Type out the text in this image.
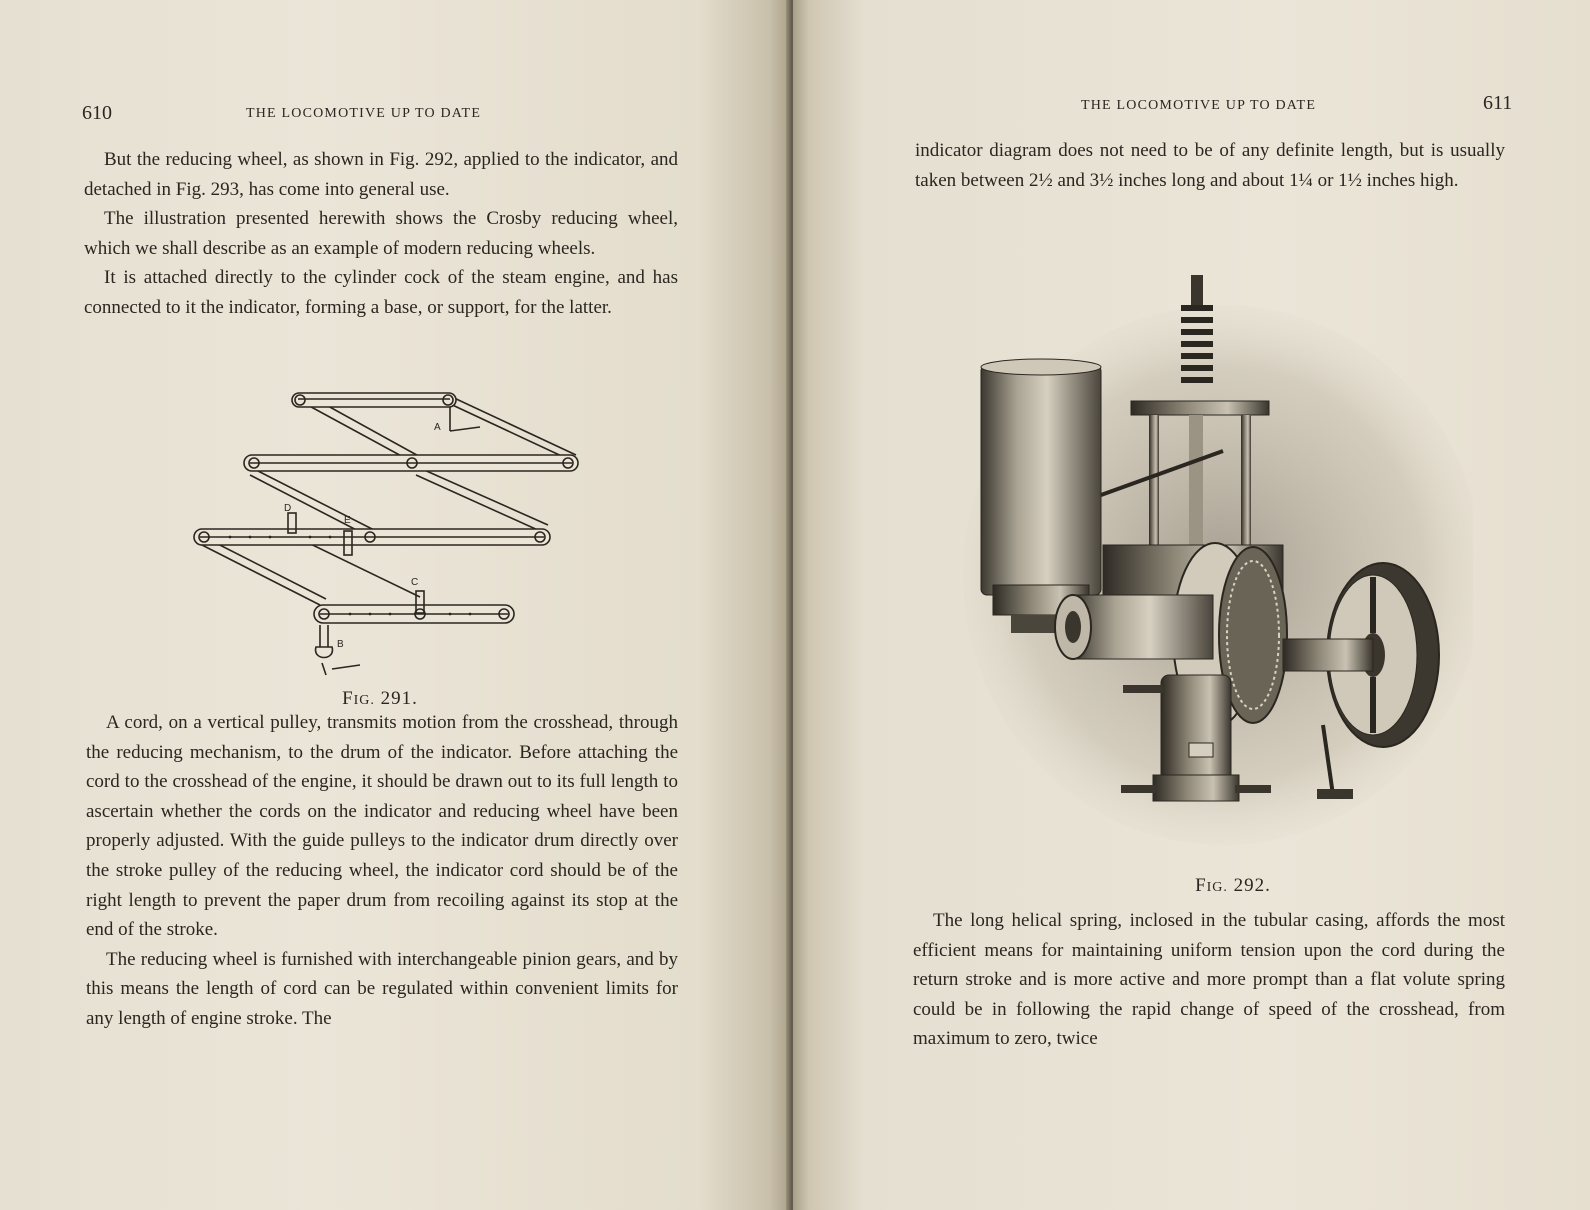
610	THE LOCOMOTIVE UP TO DATE

But the reducing wheel, as shown in Fig. 292, applied to the indicator, and detached in Fig. 293, has come into general use.

The illustration presented herewith shows the Crosby reducing wheel, which we shall describe as an example of modern reducing wheels.

It is attached directly to the cylinder cock of the steam engine, and has connected to it the indicator, forming a base, or support, for the latter.

A
B
C
D
E
FIG. 291.

A cord, on a vertical pulley, transmits motion from the crosshead, through the reducing mechanism, to the drum of the indicator. Before attaching the cord to the crosshead of the engine, it should be drawn out to its full length to ascertain whether the cords on the indicator and reducing wheel have been properly adjusted. With the guide pulleys to the indicator drum directly over the stroke pulley of the reducing wheel, the indicator cord should be of the right length to prevent the paper drum from recoiling against its stop at the end of the stroke.

The reducing wheel is furnished with interchangeable pinion gears, and by this means the length of cord can be regulated within convenient limits for any length of engine stroke. The

THE LOCOMOTIVE UP TO DATE	611

indicator diagram does not need to be of any definite length, but is usually taken between 2½ and 3½ inches long and about 1¼ or 1½ inches high.

FIG. 292.

The long helical spring, inclosed in the tubular casing, affords the most efficient means for maintaining uniform tension upon the cord during the return stroke and is more active and more prompt than a flat volute spring could be in following the rapid change of speed of the crosshead, from maximum to zero, twice
